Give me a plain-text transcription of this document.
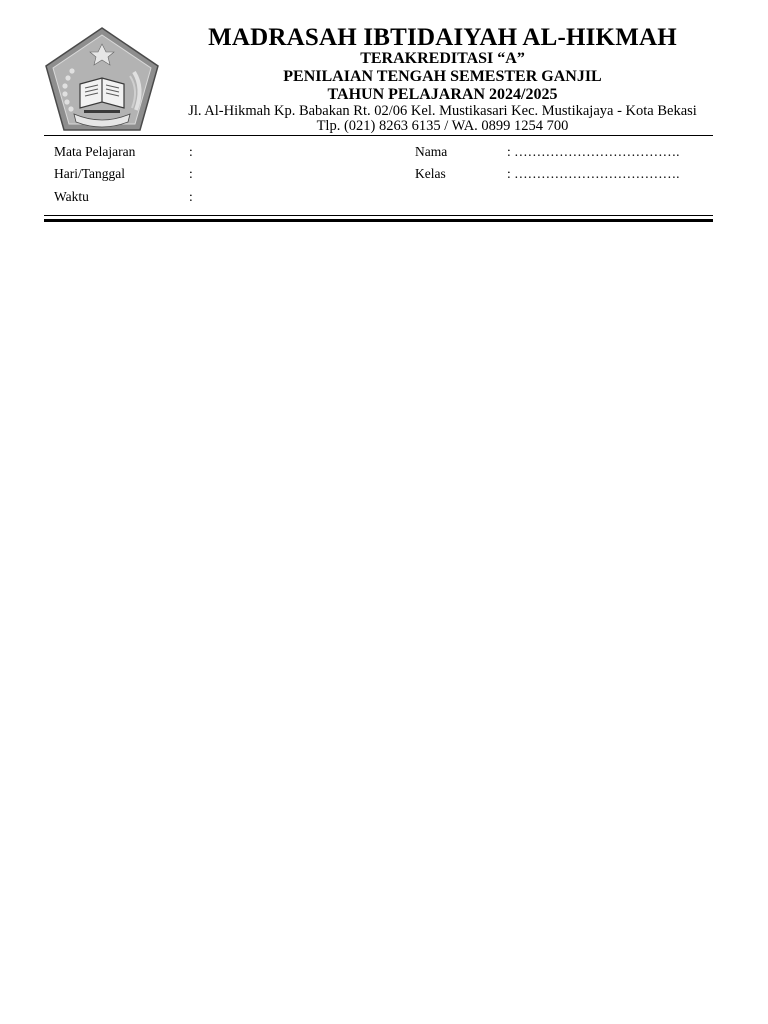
MADRASAH IBTIDAIYAH AL-HIKMAH
TERAKREDITASI “A”
PENILAIAN TENGAH SEMESTER GANJIL
TAHUN PELAJARAN 2024/2025
Jl. Al-Hikmah Kp. Babakan Rt. 02/06 Kel. Mustikasari Kec. Mustikajaya - Kota Bekasi
Tlp. (021) 8263 6135 / WA. 0899 1254 700
Mata Pelajaran	:	Nama	: ……………………………….
Hari/Tanggal	:	Kelas	: ……………………………….
Waktu	:
